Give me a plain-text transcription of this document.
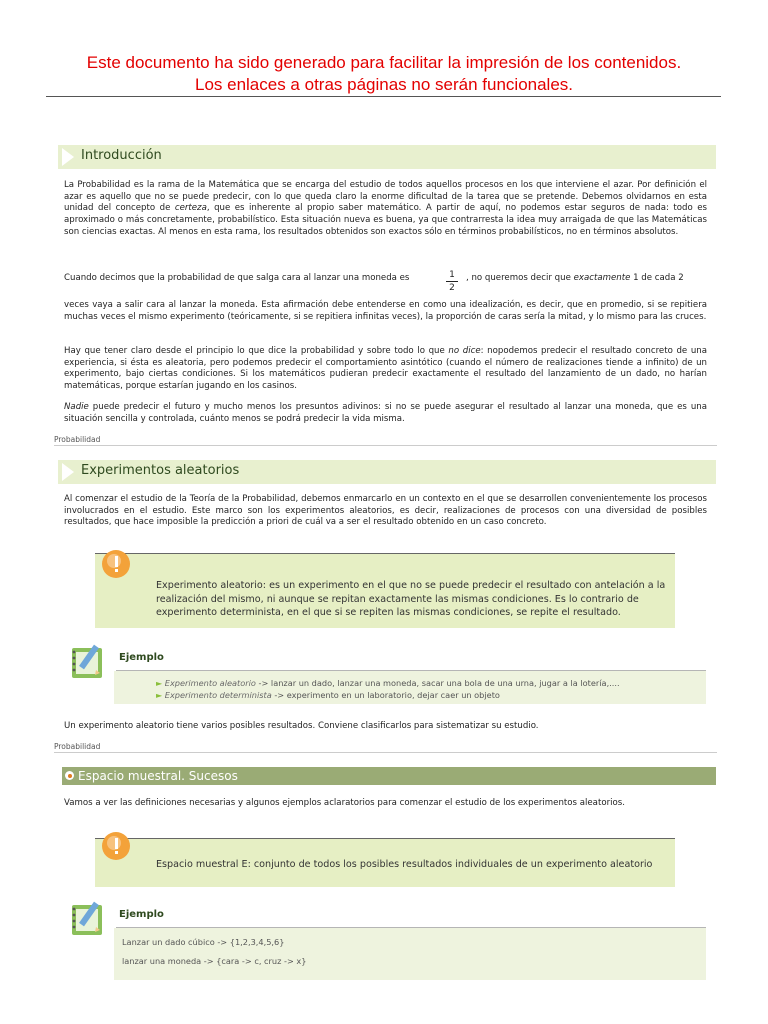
Este documento ha sido generado para facilitar la impresión de los contenidos.
Los enlaces a otras páginas no serán funcionales.
Introducción

La Probabilidad es la rama de la Matemática que se encarga del estudio de todos aquellos procesos en los que interviene el azar. Por definición el azar es aquello que no se puede predecir, con lo que queda claro la enorme dificultad de la tarea que se pretende. Debemos olvidarnos en esta unidad del concepto de certeza, que es inherente al propio saber matemático. A partir de aquí, no podemos estar seguros de nada: todo es aproximado o más concretamente, probabilístico. Esta situación nueva es buena, ya que contrarresta la idea muy arraigada de que las Matemáticas son ciencias exactas. Al menos en esta rama, los resultados obtenidos son exactos sólo en términos probabilísticos, no en términos absolutos.

Cuando decimos que la probabilidad de que salga cara al lanzar una moneda es	1
2

, no queremos decir que exactamente 1 de cada 2

veces vaya a salir cara al lanzar la moneda. Esta afirmación debe entenderse en como una idealización, es decir, que en promedio, si se repitiera muchas veces el mismo experimento (teóricamente, si se repitiera infinitas veces), la proporción de caras sería la mitad, y lo mismo para las cruces.

Hay que tener claro desde el principio lo que dice la probabilidad y sobre todo lo que no dice: nopodemos predecir el resultado concreto de una experiencia, si ésta es aleatoria, pero podemos predecir el comportamiento asintótico (cuando el número de realizaciones tiende a infinito) de un experimento, bajo ciertas condiciones. Si los matemáticos pudieran predecir exactamente el resultado del lanzamiento de un dado, no harían matemáticas, porque estarían jugando en los casinos.

Nadie puede predecir el futuro y mucho menos los presuntos adivinos: si no se puede asegurar el resultado al lanzar una moneda, que es una situación sencilla y controlada, cuánto menos se podrá predecir la vida misma.

Probabilidad
Experimentos aleatorios

Al comenzar el estudio de la Teoría de la Probabilidad, debemos enmarcarlo en un contexto en el que se desarrollen convenientemente los procesos involucrados en el estudio. Este marco son los experimentos aleatorios, es decir, realizaciones de procesos con una diversidad de posibles resultados, que hace imposible la predicción a priori de cuál va a ser el resultado obtenido en un caso concreto.

Experimento aleatorio: es un experimento en el que no se puede predecir el resultado con antelación a la realización del mismo, ni aunque se repitan exactamente las mismas condiciones. Es lo contrario de experimento determinista, en el que si se repiten las mismas condiciones, se repite el resultado.
Ejemplo
► Experimento aleatorio -> lanzar un dado, lanzar una moneda, sacar una bola de una urna, jugar a la lotería,....
► Experimento determinista -> experimento en un laboratorio, dejar caer un objeto

Un experimento aleatorio tiene varios posibles resultados. Conviene clasificarlos para sistematizar su estudio.

Probabilidad
Espacio muestral. Sucesos

Vamos a ver las definiciones necesarias y algunos ejemplos aclaratorios para comenzar el estudio de los experimentos aleatorios.

Espacio muestral E: conjunto de todos los posibles resultados individuales de un experimento aleatorio
Ejemplo
Lanzar un dado cúbico -> {1,2,3,4,5,6}
lanzar una moneda -> {cara -> c, cruz -> x}
